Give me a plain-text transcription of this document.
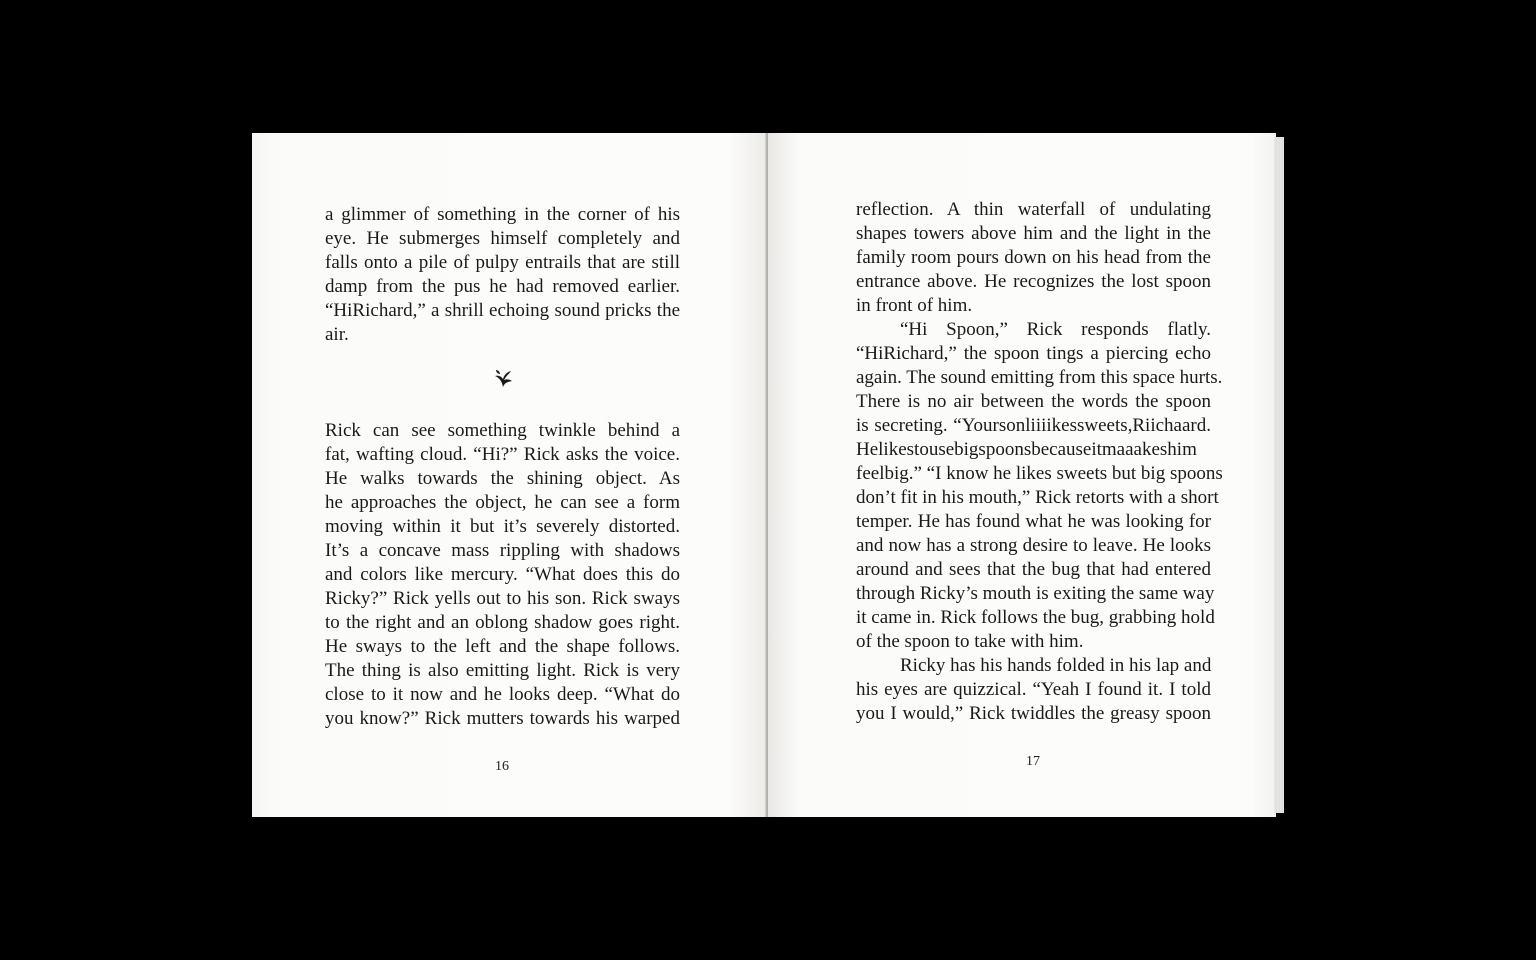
a glimmer of something in the corner of his
eye. He submerges himself completely and
falls onto a pile of pulpy entrails that are still
damp from the pus he had removed earlier.
“HiRichard,” a shrill echoing sound pricks the
air.
Rick can see something twinkle behind a
fat, wafting cloud. “Hi?” Rick asks the voice.
He walks towards the shining object. As
he approaches the object, he can see a form
moving within it but it’s severely distorted.
It’s a concave mass rippling with shadows
and colors like mercury. “What does this do
Ricky?” Rick yells out to his son. Rick sways
to the right and an oblong shadow goes right.
He sways to the left and the shape follows.
The thing is also emitting light. Rick is very
close to it now and he looks deep. “What do
you know?” Rick mutters towards his warped
16
reflection. A thin waterfall of undulating
shapes towers above him and the light in the
family room pours down on his head from the
entrance above. He recognizes the lost spoon
in front of him.
“Hi Spoon,” Rick responds flatly.
“HiRichard,” the spoon tings a piercing echo
again. The sound emitting from this space hurts.
There is no air between the words the spoon
is secreting. “Yoursonliiiikessweets,Riichaard.
Helikestousebigspoonsbecauseitmaaakeshim
feelbig.” “I know he likes sweets but big spoons
don’t fit in his mouth,” Rick retorts with a short
temper. He has found what he was looking for
and now has a strong desire to leave. He looks
around and sees that the bug that had entered
through Ricky’s mouth is exiting the same way
it came in. Rick follows the bug, grabbing hold
of the spoon to take with him.
Ricky has his hands folded in his lap and
his eyes are quizzical. “Yeah I found it. I told
you I would,” Rick twiddles the greasy spoon
17
